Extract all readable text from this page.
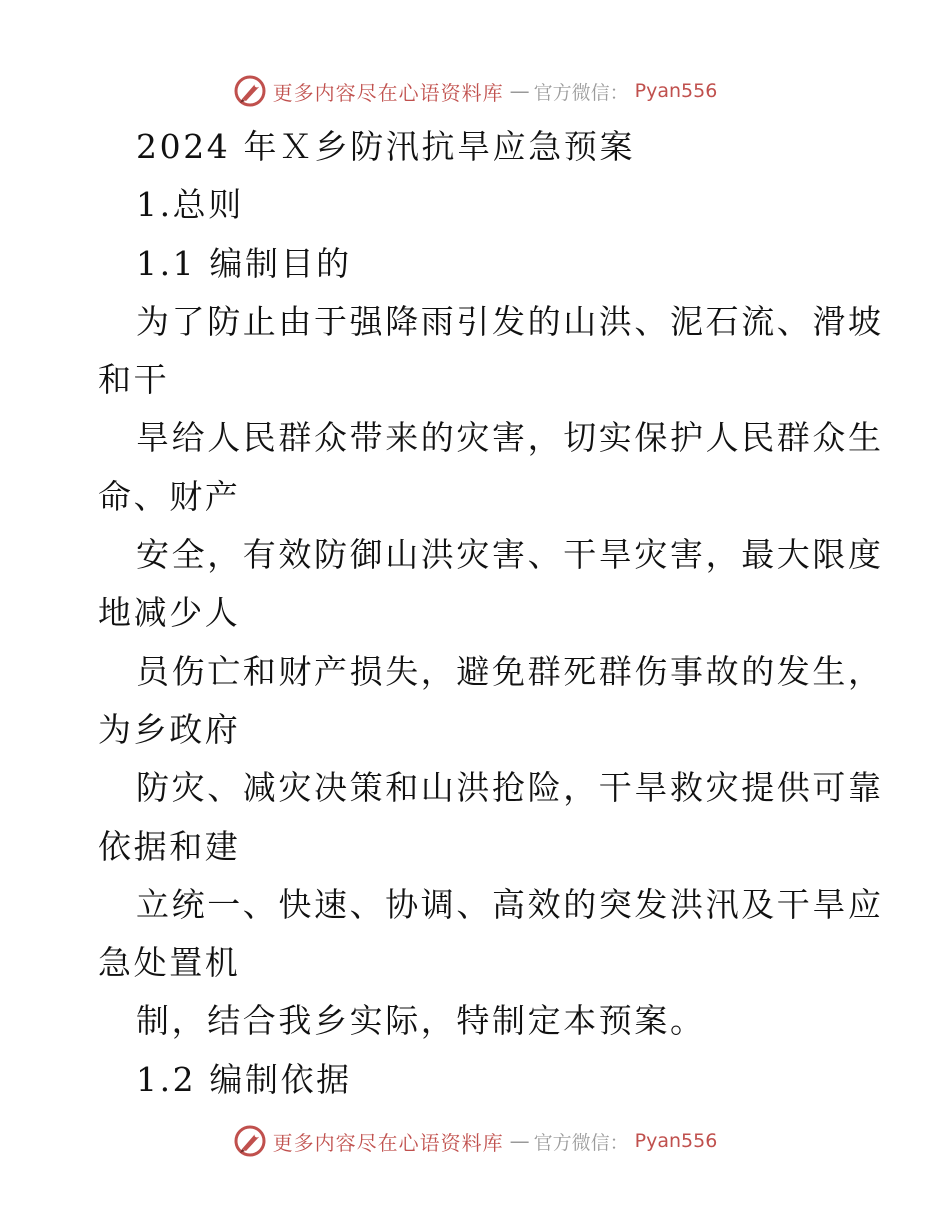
更多内容尽在心语资料库 — 官方微信： Pyan556
2024 年Ｘ乡防汛抗旱应急预案
1.总则
1.1 编制目的
为了防止由于强降雨引发的山洪、泥石流、滑坡
和干
旱给人民群众带来的灾害，切实保护人民群众生
命、财产
安全，有效防御山洪灾害、干旱灾害，最大限度
地减少人
员伤亡和财产损失，避免群死群伤事故的发生，
为乡政府
防灾、减灾决策和山洪抢险，干旱救灾提供可靠
依据和建
立统一、快速、协调、高效的突发洪汛及干旱应
急处置机
制，结合我乡实际，特制定本预案。
1.2 编制依据
更多内容尽在心语资料库 — 官方微信： Pyan556
